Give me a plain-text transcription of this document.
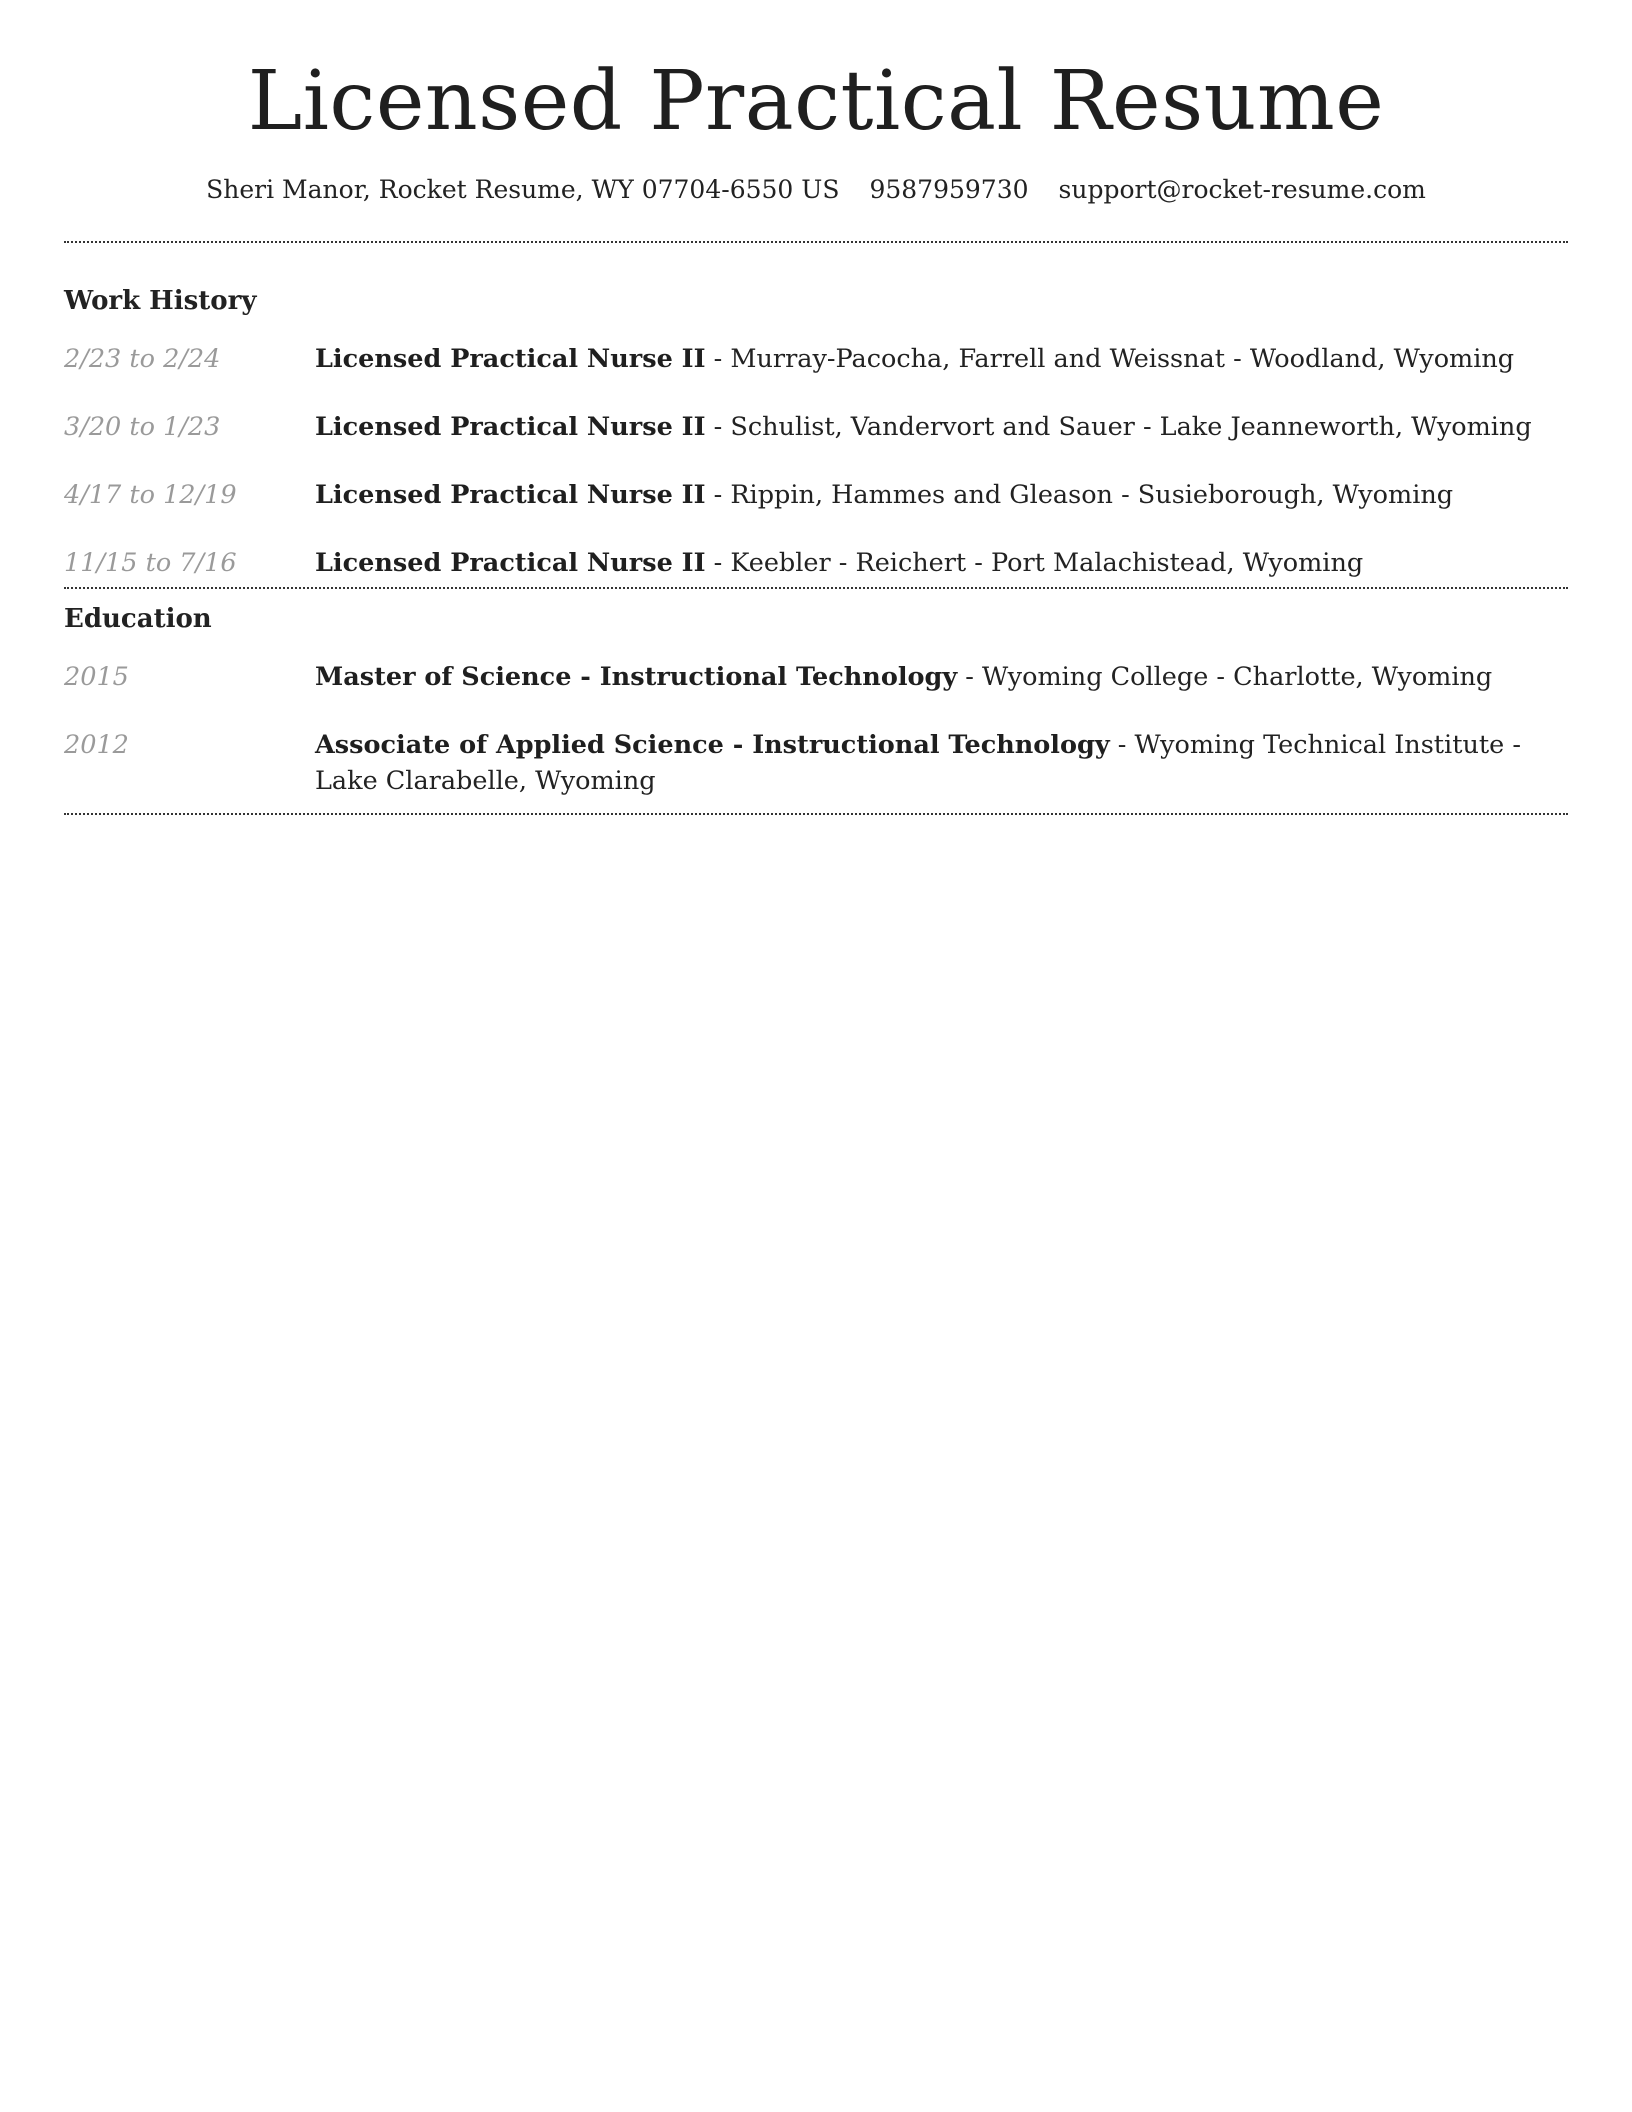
Licensed Practical Resume
Sheri Manor, Rocket Resume, WY 07704-6550 US 9587959730 support@rocket-resume.com
Work History
2/23 to 2/24	Licensed Practical Nurse II - Murray-Pacocha, Farrell and Weissnat - Woodland, Wyoming
3/20 to 1/23	Licensed Practical Nurse II - Schulist, Vandervort and Sauer - Lake Jeanneworth, Wyoming
4/17 to 12/19	Licensed Practical Nurse II - Rippin, Hammes and Gleason - Susieborough, Wyoming
11/15 to 7/16	Licensed Practical Nurse II - Keebler - Reichert - Port Malachistead, Wyoming
Education
2015	Master of Science - Instructional Technology - Wyoming College - Charlotte, Wyoming
2012	Associate of Applied Science - Instructional Technology - Wyoming Technical Institute - Lake Clarabelle, Wyoming
